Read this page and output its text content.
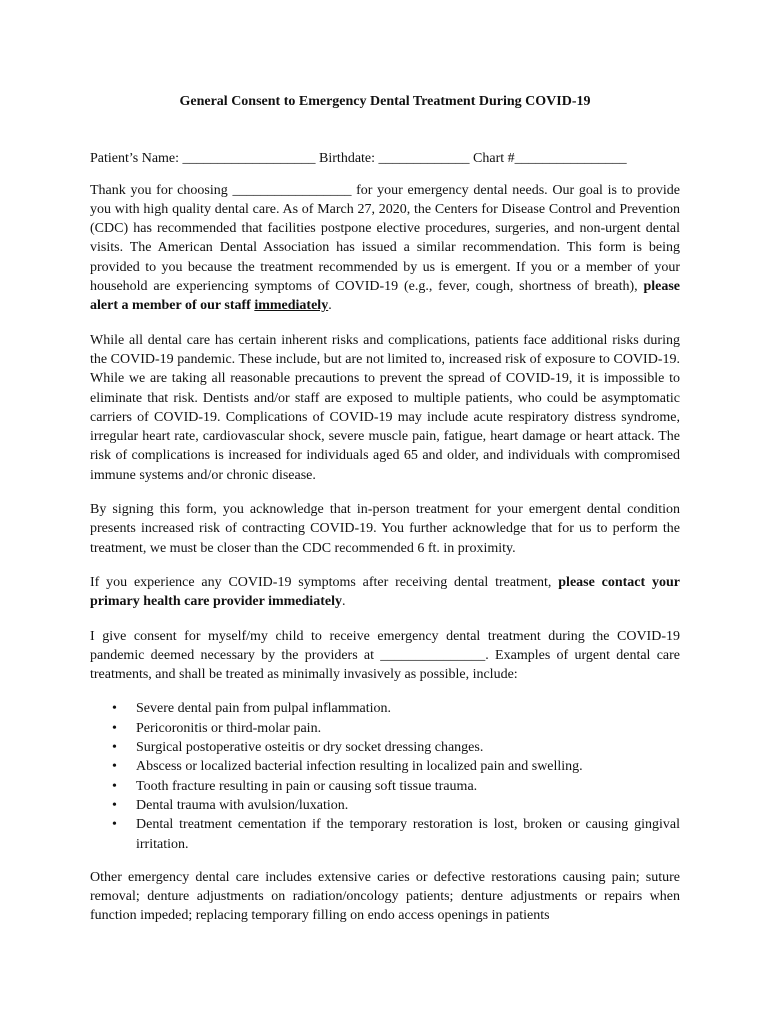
General Consent to Emergency Dental Treatment During COVID-19
Patient’s Name: ___________________ Birthdate: _____________ Chart #________________
Thank you for choosing _________________ for your emergency dental needs. Our goal is to provide you with high quality dental care. As of March 27, 2020, the Centers for Disease Control and Prevention (CDC) has recommended that facilities postpone elective procedures, surgeries, and non-urgent dental visits. The American Dental Association has issued a similar recommendation. This form is being provided to you because the treatment recommended by us is emergent. If you or a member of your household are experiencing symptoms of COVID-19 (e.g., fever, cough, shortness of breath), please alert a member of our staff immediately.
While all dental care has certain inherent risks and complications, patients face additional risks during the COVID-19 pandemic. These include, but are not limited to, increased risk of exposure to COVID-19. While we are taking all reasonable precautions to prevent the spread of COVID-19, it is impossible to eliminate that risk. Dentists and/or staff are exposed to multiple patients, who could be asymptomatic carriers of COVID-19. Complications of COVID-19 may include acute respiratory distress syndrome, irregular heart rate, cardiovascular shock, severe muscle pain, fatigue, heart damage or heart attack. The risk of complications is increased for individuals aged 65 and older, and individuals with compromised immune systems and/or chronic disease.
By signing this form, you acknowledge that in-person treatment for your emergent dental condition presents increased risk of contracting COVID-19. You further acknowledge that for us to perform the treatment, we must be closer than the CDC recommended 6 ft. in proximity.
If you experience any COVID-19 symptoms after receiving dental treatment, please contact your primary health care provider immediately.
I give consent for myself/my child to receive emergency dental treatment during the COVID-19 pandemic deemed necessary by the providers at _______________. Examples of urgent dental care treatments, and shall be treated as minimally invasively as possible, include:
• Severe dental pain from pulpal inflammation.
• Pericoronitis or third-molar pain.
• Surgical postoperative osteitis or dry socket dressing changes.
• Abscess or localized bacterial infection resulting in localized pain and swelling.
• Tooth fracture resulting in pain or causing soft tissue trauma.
• Dental trauma with avulsion/luxation.
• Dental treatment cementation if the temporary restoration is lost, broken or causing gingival irritation.
Other emergency dental care includes extensive caries or defective restorations causing pain; suture removal; denture adjustments on radiation/oncology patients; denture adjustments or repairs when function impeded; replacing temporary filling on endo access openings in patients
